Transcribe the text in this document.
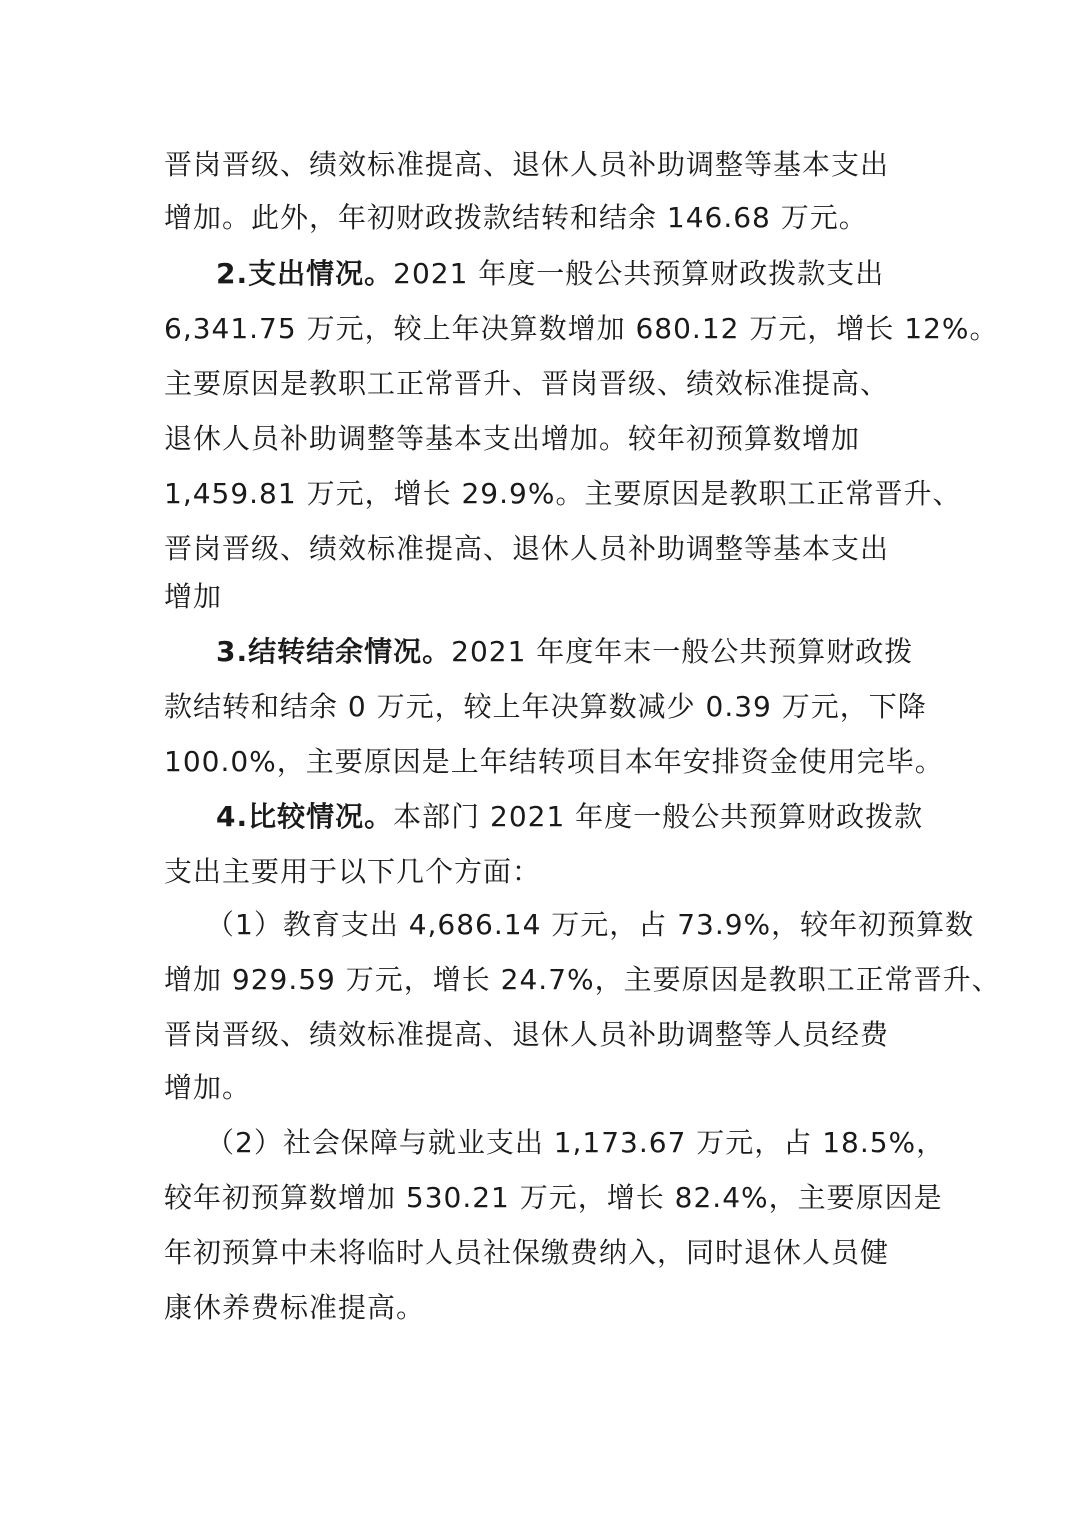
晋岗晋级、绩效标准提高、退休人员补助调整等基本支出
增加。此外，年初财政拨款结转和结余 146.68 万元。
2.支出情况。2021 年度一般公共预算财政拨款支出
6,341.75 万元，较上年决算数增加 680.12 万元，增长 12%。
主要原因是教职工正常晋升、晋岗晋级、绩效标准提高、
退休人员补助调整等基本支出增加。较年初预算数增加
1,459.81 万元，增长 29.9%。主要原因是教职工正常晋升、
晋岗晋级、绩效标准提高、退休人员补助调整等基本支出
增加
3.结转结余情况。2021 年度年末一般公共预算财政拨
款结转和结余 0 万元，较上年决算数减少 0.39 万元，下降
100.0%，主要原因是上年结转项目本年安排资金使用完毕。
4.比较情况。本部门 2021 年度一般公共预算财政拨款
支出主要用于以下几个方面：
（1）教育支出 4,686.14 万元，占 73.9%，较年初预算数
增加 929.59 万元，增长 24.7%，主要原因是教职工正常晋升、
晋岗晋级、绩效标准提高、退休人员补助调整等人员经费
增加。
（2）社会保障与就业支出 1,173.67 万元，占 18.5%，
较年初预算数增加 530.21 万元，增长 82.4%，主要原因是
年初预算中未将临时人员社保缴费纳入，同时退休人员健
康休养费标准提高。
